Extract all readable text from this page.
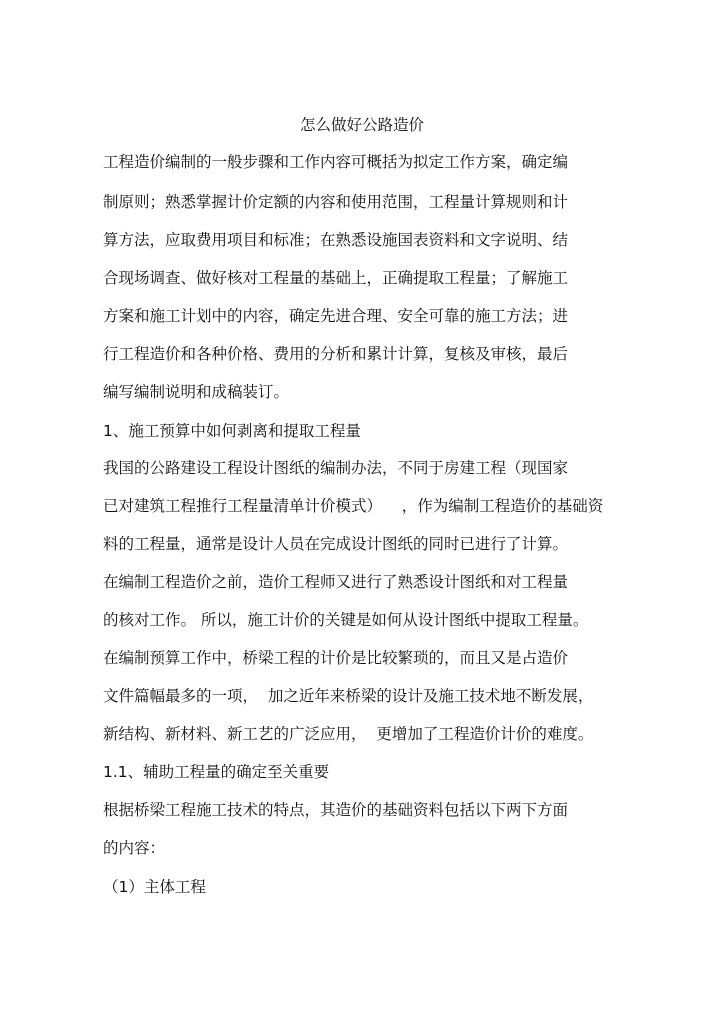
怎么做好公路造价
工程造价编制的一般步骤和工作内容可概括为拟定工作方案，确定编
制原则；熟悉掌握计价定额的内容和使用范围，工程量计算规则和计
算方法，应取费用项目和标准；在熟悉设施国表资料和文字说明、结
合现场调查、做好核对工程量的基础上，正确提取工程量；了解施工
方案和施工计划中的内容，确定先进合理、安全可靠的施工方法；进
行工程造价和各种价格、费用的分析和累计计算，复核及审核，最后
编写编制说明和成稿装订。
1、施工预算中如何剥离和提取工程量
我国的公路建设工程设计图纸的编制办法，不同于房建工程（现国家
已对建筑工程推行工程量清单计价模式）    ，作为编制工程造价的基础资
料的工程量，通常是设计人员在完成设计图纸的同时已进行了计算。
在编制工程造价之前，造价工程师又进行了熟悉设计图纸和对工程量
的核对工作。 所以，施工计价的关键是如何从设计图纸中提取工程量。
在编制预算工作中，桥梁工程的计价是比较繁琐的，而且又是占造价
文件篇幅最多的一项，  加之近年来桥梁的设计及施工技术地不断发展，
新结构、新材料、新工艺的广泛应用，  更增加了工程造价计价的难度。
1.1、辅助工程量的确定至关重要
根据桥梁工程施工技术的特点，其造价的基础资料包括以下两下方面
的内容：
（1）主体工程
